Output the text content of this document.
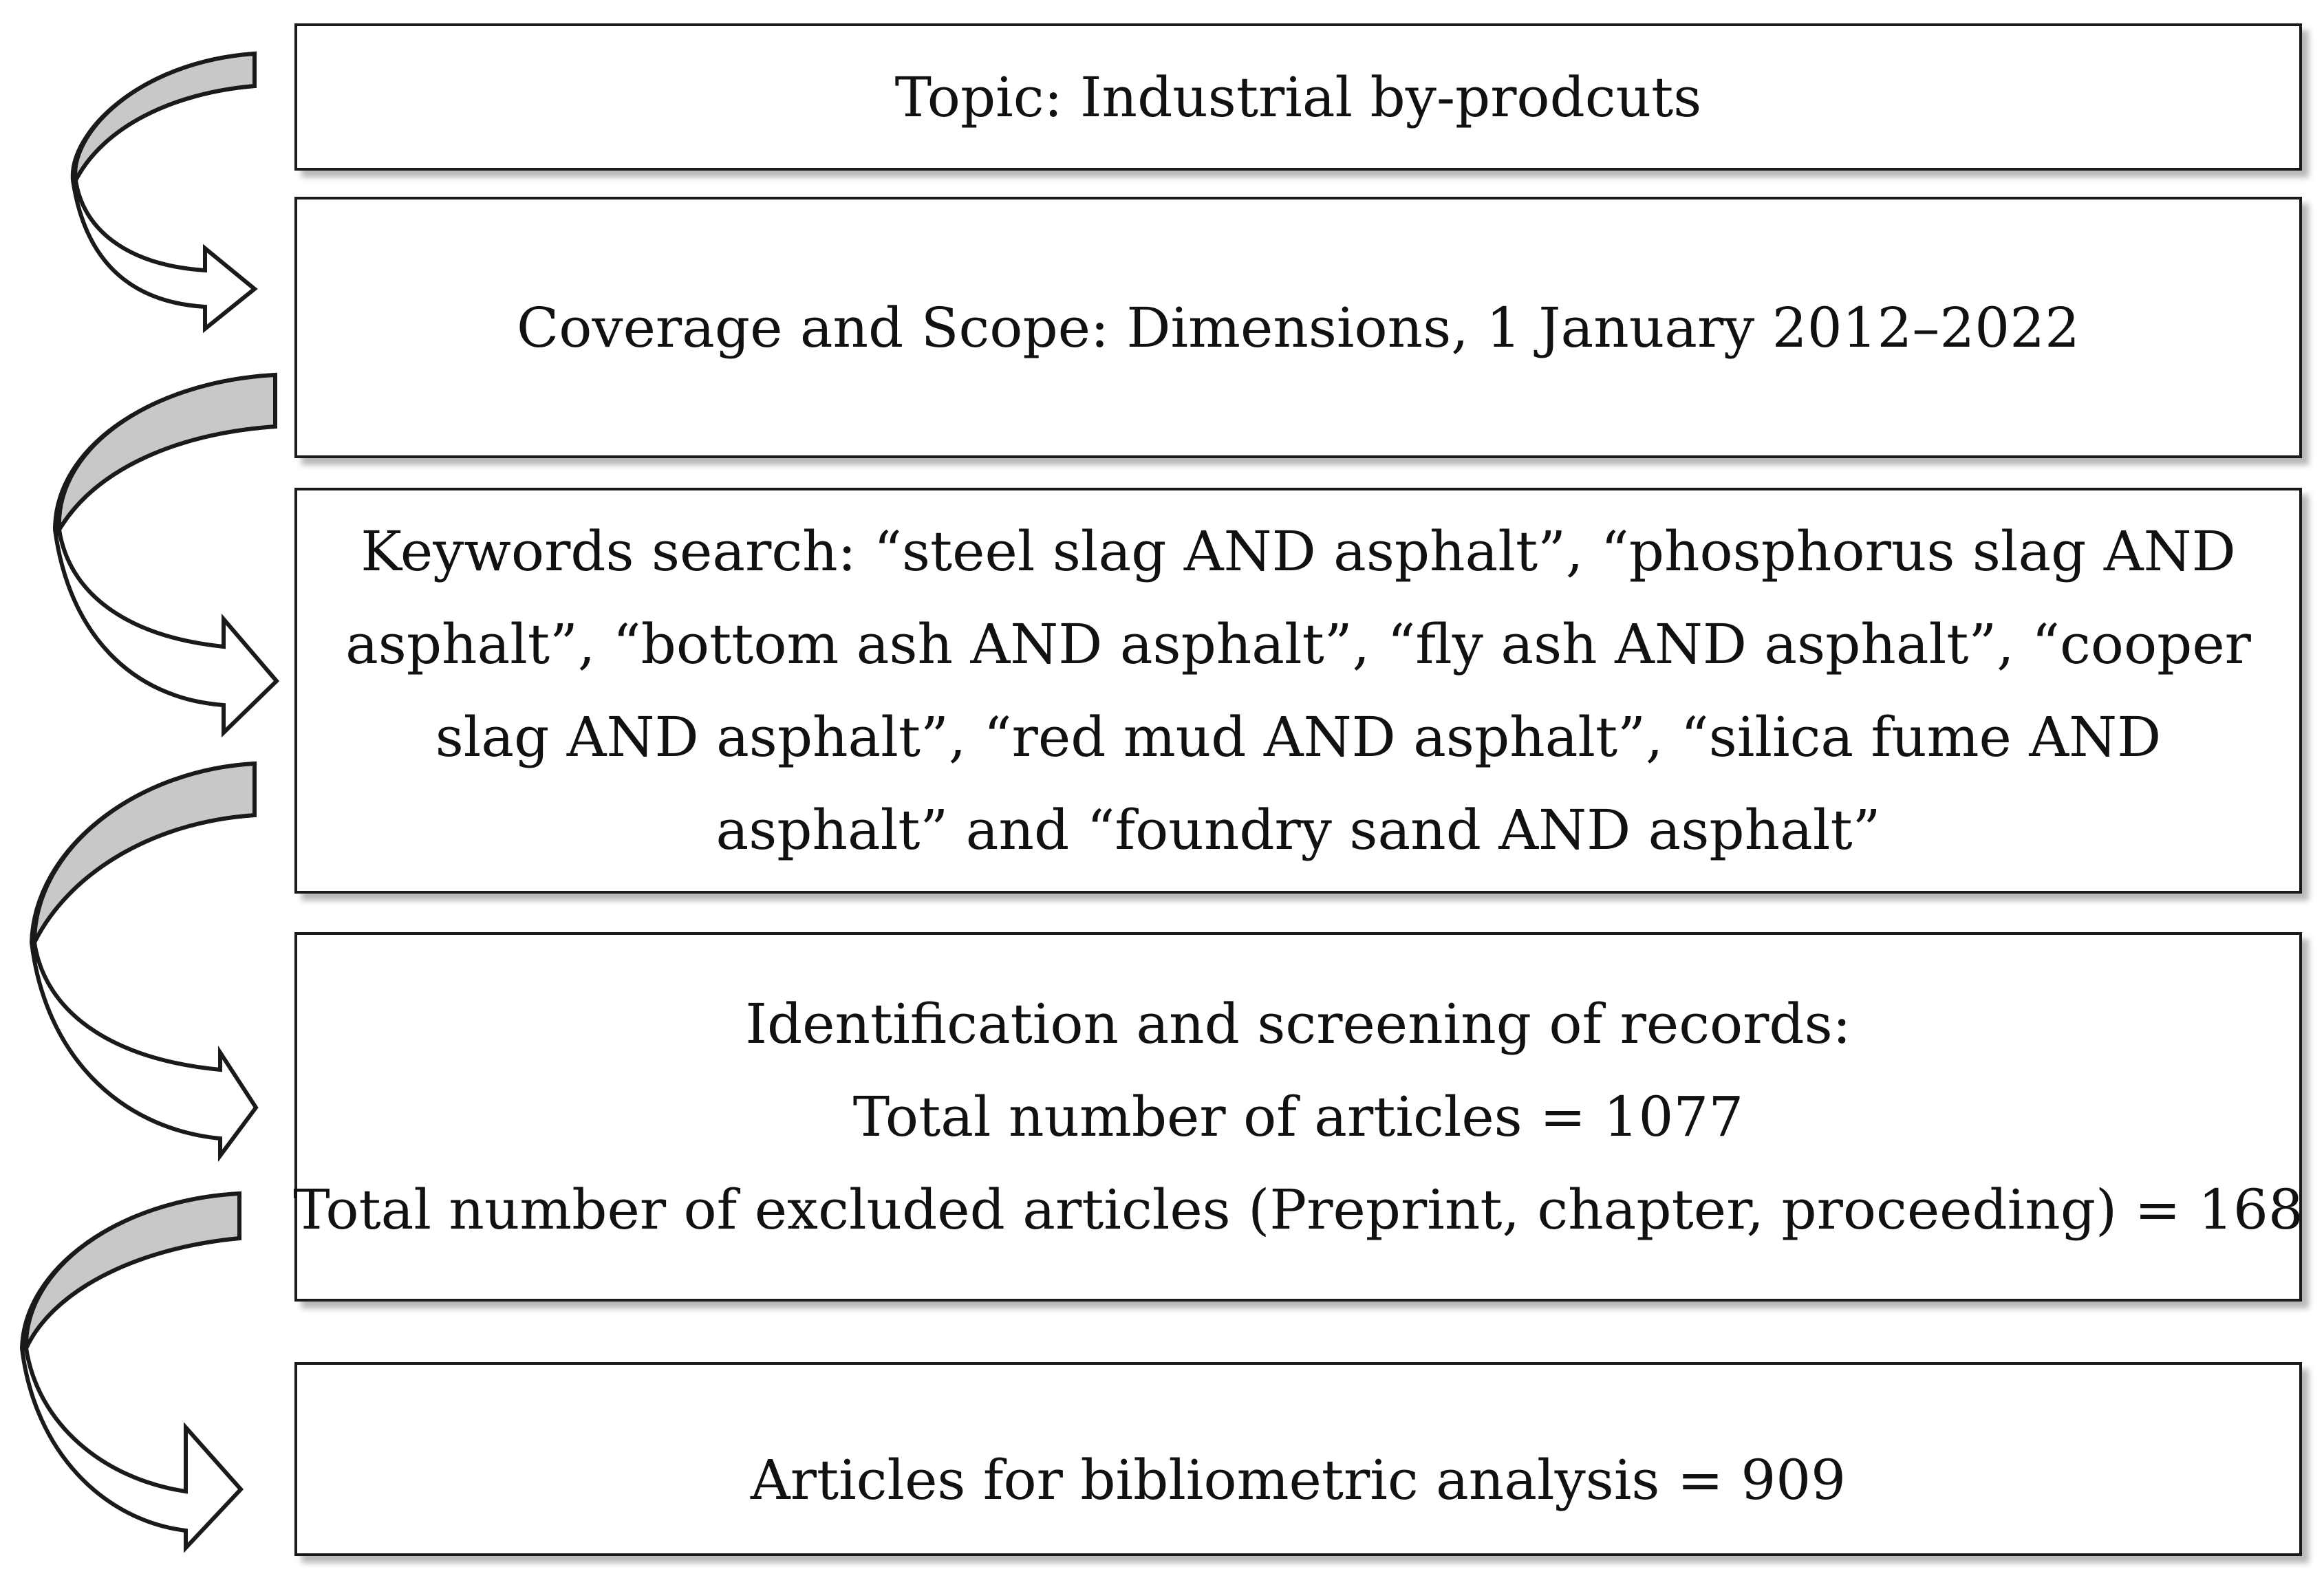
Topic: Industrial by-prodcuts
Coverage and Scope: Dimensions, 1 January 2012–2022
Keywords search: “steel slag AND asphalt”, “phosphorus slag AND asphalt”, “bottom ash AND asphalt”, “fly ash AND asphalt”, “cooper slag AND asphalt”, “red mud AND asphalt”, “silica fume AND asphalt” and “foundry sand AND asphalt”
Identification and screening of records:
Total number of articles = 1077
Total number of excluded articles (Preprint, chapter, proceeding) = 168
Articles for bibliometric analysis = 909
